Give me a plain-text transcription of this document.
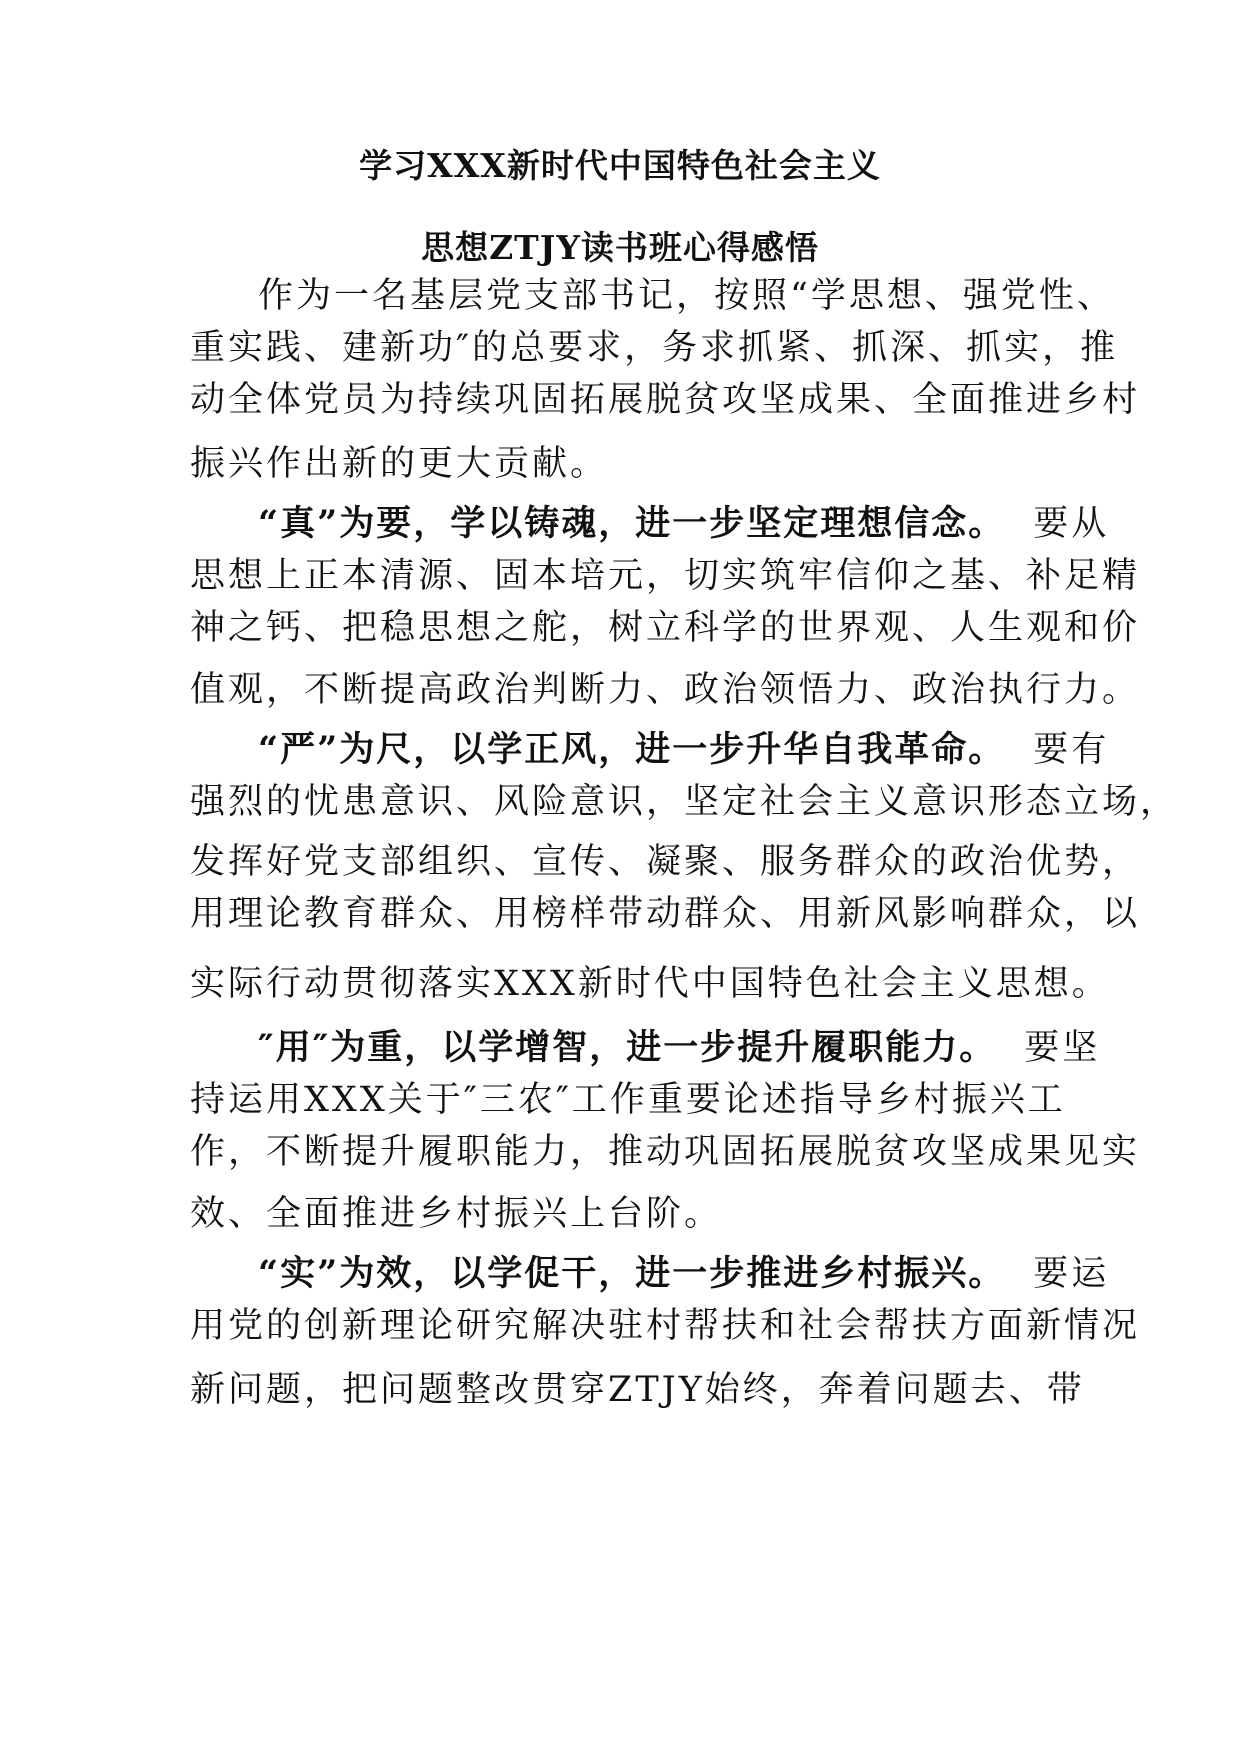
学习XXX新时代中国特色社会主义
思想ZTJY读书班心得感悟
作为一名基层党支部书记，按照“学思想、强党性、
重实践、建新功″的总要求，务求抓紧、抓深、抓实，推
动全体党员为持续巩固拓展脱贫攻坚成果、全面推进乡村
振兴作出新的更大贡献。
“真”为要，学以铸魂，进一步坚定理想信念。 要从
思想上正本清源、固本培元，切实筑牢信仰之基、补足精
神之钙、把稳思想之舵，树立科学的世界观、人生观和价
值观，不断提高政治判断力、政治领悟力、政治执行力。
“严”为尺，以学正风，进一步升华自我革命。 要有
强烈的忧患意识、风险意识，坚定社会主义意识形态立场，
发挥好党支部组织、宣传、凝聚、服务群众的政治优势，
用理论教育群众、用榜样带动群众、用新风影响群众，以
实际行动贯彻落实XXX新时代中国特色社会主义思想。
″用″为重，以学增智，进一步提升履职能力。 要坚
持运用XXX关于″三农″工作重要论述指导乡村振兴工
作，不断提升履职能力，推动巩固拓展脱贫攻坚成果见实
效、全面推进乡村振兴上台阶。
“实”为效，以学促干，进一步推进乡村振兴。 要运
用党的创新理论研究解决驻村帮扶和社会帮扶方面新情况
新问题，把问题整改贯穿ZTJY始终，奔着问题去、带
